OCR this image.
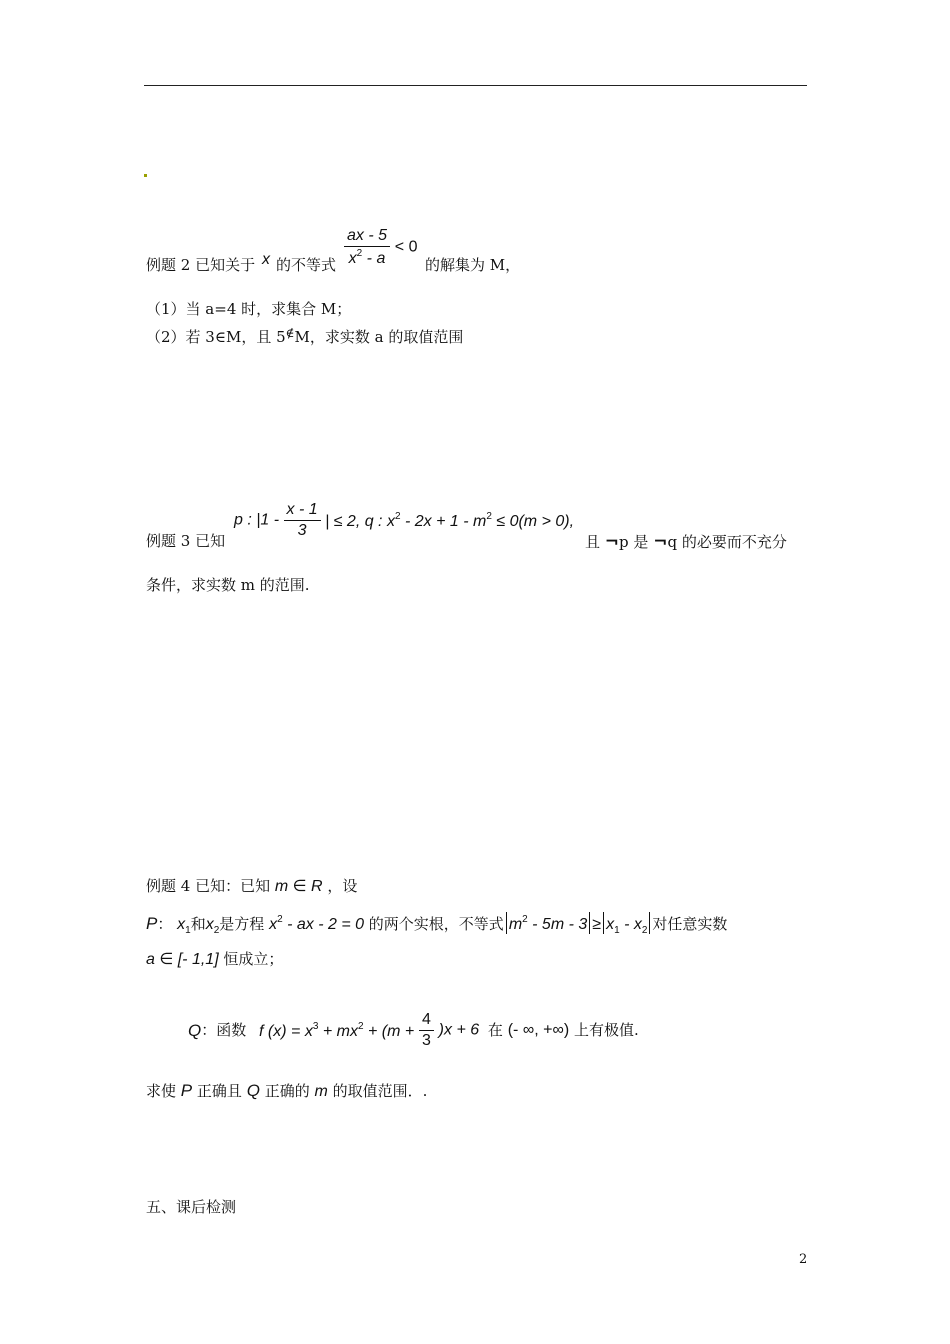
例题 2 已知关于 x 的不等式 $\frac{ax - 5}{x^2 - a} < 0$
的解集为 M，
（1）当 a=4 时，求集合 M；
（2）若 3∈M，且 5∉M，求实数 a 的取值范围
例题 3 已知
p : $|1 - \frac{x - 1}{3}$ | ≤ 2, q : $x^2 - 2x + 1 - m^2 \le 0(m > 0)$,
且 ¬p 是 ¬q 的必要而不充分
条件，求实数 m 的范围.
例题 4 已知：已知 m ∈ R ，设
P： $x_1$和$x_2$是方程 $x^2$ - ax - 2 = 0 的两个实根，不等式 $m^2 - 5m - 3 \ge x_1 - x_2$ 对任意实数
a ∈ [- 1,1] 恒成立；
Q：函数 f $(x) = x^3 + mx^2 + (m + \frac{4}{3} )x + 6$ 在 (- ∞, +∞) 上有极值.
求使 P 正确且 Q 正确的 m 的取值范围．.
五、课后检测
2
